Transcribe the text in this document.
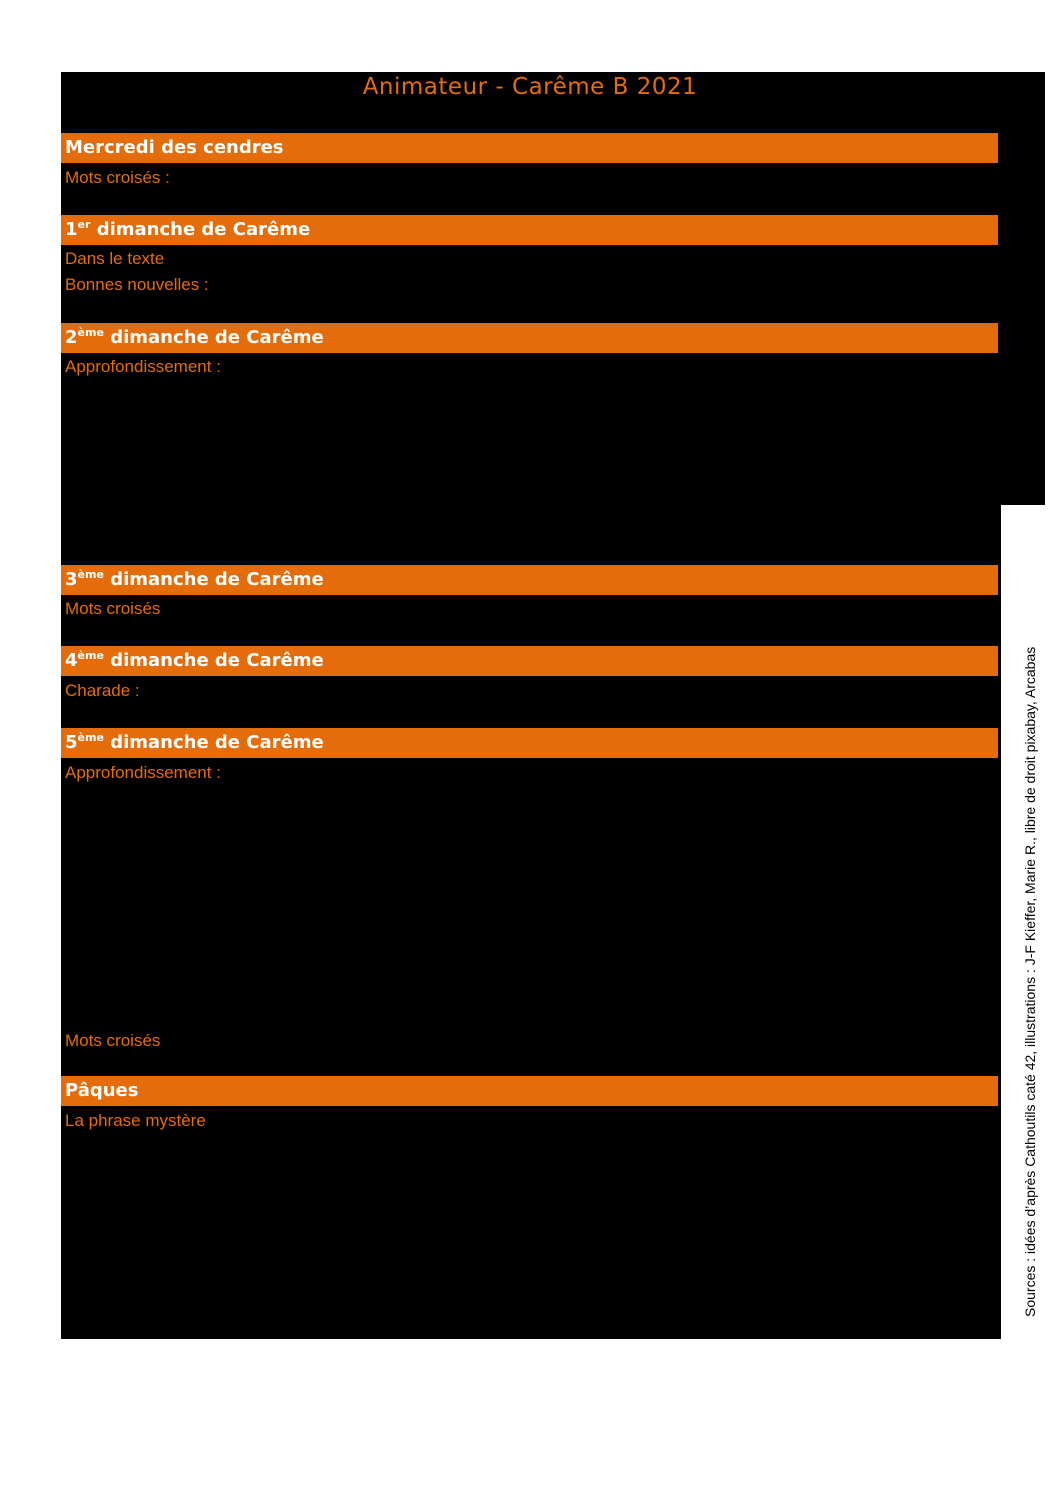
Animateur - Carême B 2021
Mercredi des cendres
Mots croisés :
1er dimanche de Carême
Dans le texte
Bonnes nouvelles :
2ème dimanche de Carême
Approfondissement :
3ème dimanche de Carême
Mots croisés
4ème dimanche de Carême
Charade :
5ème dimanche de Carême
Approfondissement :
Mots croisés
Pâques
La phrase mystère	Sources : idées d’après Cathoutils caté 42, illustrations : J-F Kieffer, Marie R., libre de droit pixabay, Arcabas
